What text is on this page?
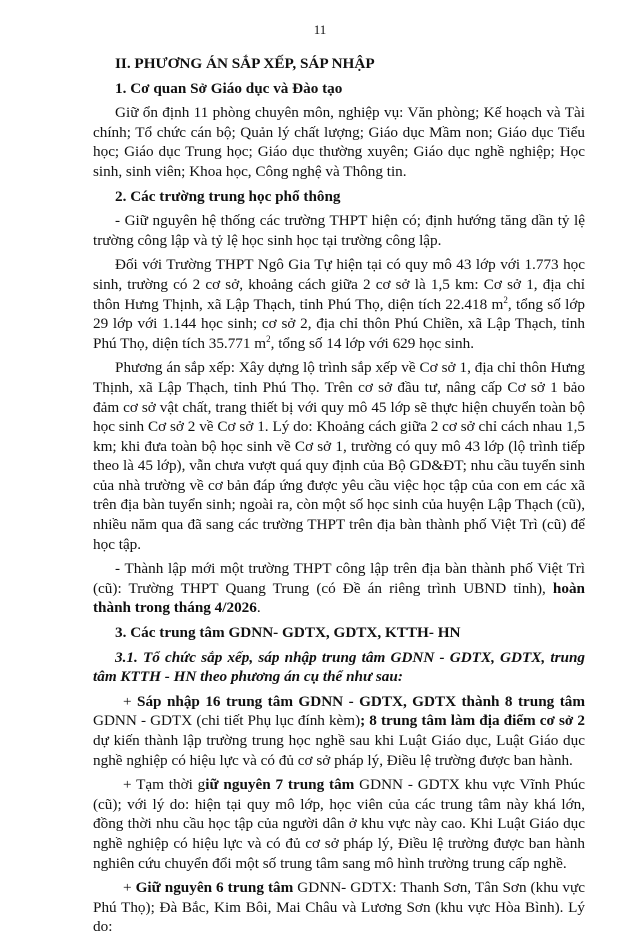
11
II. PHƯƠNG ÁN SẮP XẾP, SÁP NHẬP
1. Cơ quan Sở Giáo dục và Đào tạo

Giữ ổn định 11 phòng chuyên môn, nghiệp vụ: Văn phòng; Kế hoạch và Tài chính; Tổ chức cán bộ; Quản lý chất lượng; Giáo dục Mầm non; Giáo dục Tiểu học; Giáo dục Trung học; Giáo dục thường xuyên; Giáo dục nghề nghiệp; Học sinh, sinh viên; Khoa học, Công nghệ và Thông tin.

2. Các trường trung học phổ thông

- Giữ nguyên hệ thống các trường THPT hiện có; định hướng tăng dần tỷ lệ trường công lập và tỷ lệ học sinh học tại trường công lập.

Đối với Trường THPT Ngô Gia Tự hiện tại có quy mô 43 lớp với 1.773 học sinh, trường có 2 cơ sở, khoảng cách giữa 2 cơ sở là 1,5 km: Cơ sở 1, địa chỉ thôn Hưng Thịnh, xã Lập Thạch, tỉnh Phú Thọ, diện tích 22.418 $m^2$, tổng số lớp 29 lớp với 1.144 học sinh; cơ sở 2, địa chỉ thôn Phú Chiền, xã Lập Thạch, tỉnh Phú Thọ, diện tích 35.771 $m^2$, tổng số 14 lớp với 629 học sinh.

Phương án sắp xếp: Xây dựng lộ trình sắp xếp về Cơ sở 1, địa chỉ thôn Hưng Thịnh, xã Lập Thạch, tỉnh Phú Thọ. Trên cơ sở đầu tư, nâng cấp Cơ sở 1 bảo đảm cơ sở vật chất, trang thiết bị với quy mô 45 lớp sẽ thực hiện chuyển toàn bộ học sinh Cơ sở 2 về Cơ sở 1. Lý do: Khoảng cách giữa 2 cơ sở chỉ cách nhau 1,5 km; khi đưa toàn bộ học sinh về Cơ sở 1, trường có quy mô 43 lớp (lộ trình tiếp theo là 45 lớp), vẫn chưa vượt quá quy định của Bộ GD&ĐT; nhu cầu tuyển sinh của nhà trường về cơ bản đáp ứng được yêu cầu việc học tập của con em các xã trên địa bàn tuyển sinh; ngoài ra, còn một số học sinh của huyện Lập Thạch (cũ), nhiều năm qua đã sang các trường THPT trên địa bàn thành phố Việt Trì (cũ) để học tập.

- Thành lập mới một trường THPT công lập trên địa bàn thành phố Việt Trì (cũ): Trường THPT Quang Trung (có Đề án riêng trình UBND tỉnh), hoàn thành trong tháng 4/2026.

3. Các trung tâm GDNN- GDTX, GDTX, KTTH- HN
3.1. Tổ chức sắp xếp, sáp nhập trung tâm GDNN - GDTX, GDTX, trung tâm KTTH - HN theo phương án cụ thể như sau:

+ Sáp nhập 16 trung tâm GDNN - GDTX, GDTX thành 8 trung tâm GDNN - GDTX (chi tiết Phụ lục đính kèm); 8 trung tâm làm địa điểm cơ sở 2 dự kiến thành lập trường trung học nghề sau khi Luật Giáo dục, Luật Giáo dục nghề nghiệp có hiệu lực và có đủ cơ sở pháp lý, Điều lệ trường được ban hành.

+ Tạm thời giữ nguyên 7 trung tâm GDNN - GDTX khu vực Vĩnh Phúc (cũ); với lý do: hiện tại quy mô lớp, học viên của các trung tâm này khá lớn, đồng thời nhu cầu học tập của người dân ở khu vực này cao. Khi Luật Giáo dục nghề nghiệp có hiệu lực và có đủ cơ sở pháp lý, Điều lệ trường được ban hành nghiên cứu chuyển đổi một số trung tâm sang mô hình trường trung cấp nghề.

+ Giữ nguyên 6 trung tâm GDNN- GDTX: Thanh Sơn, Tân Sơn (khu vực Phú Thọ); Đà Bắc, Kim Bôi, Mai Châu và Lương Sơn (khu vực Hòa Bình). Lý do:
